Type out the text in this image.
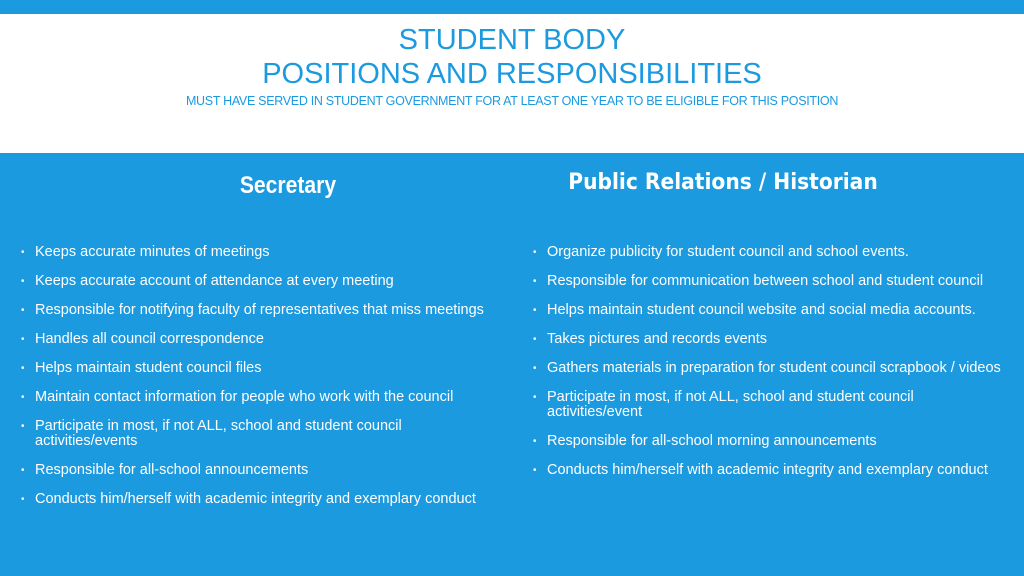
STUDENT BODY
POSITIONS AND RESPONSIBILITIES
MUST HAVE SERVED IN STUDENT GOVERNMENT FOR AT LEAST ONE YEAR TO BE ELIGIBLE FOR THIS POSITION
Secretary	Public Relations / Historian
• Keeps accurate minutes of meetings
• Keeps accurate account of attendance at every meeting
• Responsible for notifying faculty of representatives that miss meetings
• Handles all council correspondence
• Helps maintain student council files
• Maintain contact information for people who work with the council
• Participate in most, if not ALL, school and student council activities/events
• Responsible for all-school announcements
• Conducts him/herself with academic integrity and exemplary conduct
• Organize publicity for student council and school events.
• Responsible for communication between school and student council
• Helps maintain student council website and social media accounts.
• Takes pictures and records events
• Gathers materials in preparation for student council scrapbook / videos
• Participate in most, if not ALL, school and student council activities/event
• Responsible for all-school morning announcements
• Conducts him/herself with academic integrity and exemplary conduct
